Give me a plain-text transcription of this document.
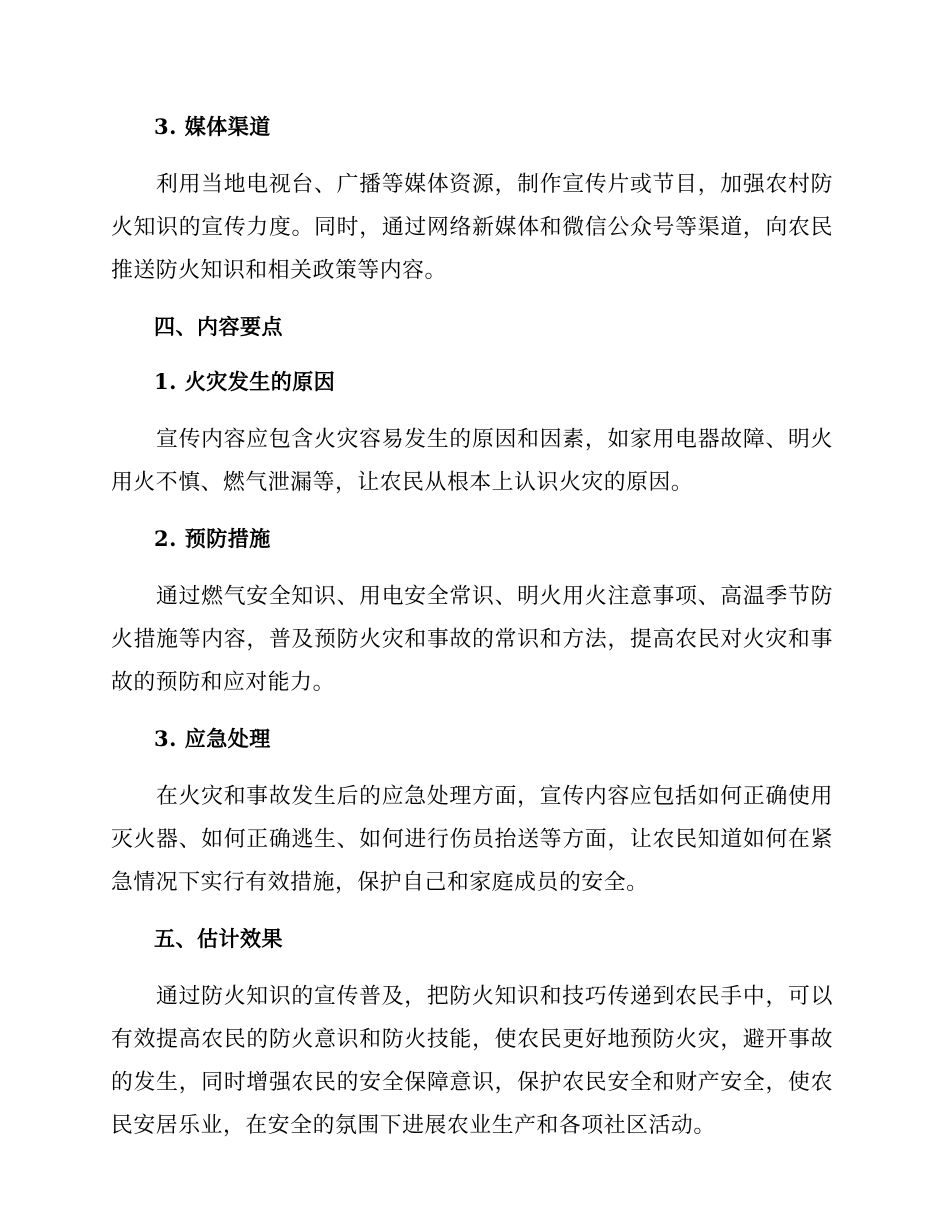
3. 媒体渠道

利用当地电视台、广播等媒体资源，制作宣传片或节目，加强农村防火知识的宣传力度。同时，通过网络新媒体和微信公众号等渠道，向农民推送防火知识和相关政策等内容。

四、内容要点
1. 火灾发生的原因

宣传内容应包含火灾容易发生的原因和因素，如家用电器故障、明火用火不慎、燃气泄漏等，让农民从根本上认识火灾的原因。

2. 预防措施

通过燃气安全知识、用电安全常识、明火用火注意事项、高温季节防火措施等内容，普及预防火灾和事故的常识和方法，提高农民对火灾和事故的预防和应对能力。

3. 应急处理

在火灾和事故发生后的应急处理方面，宣传内容应包括如何正确使用灭火器、如何正确逃生、如何进行伤员抬送等方面，让农民知道如何在紧急情况下实行有效措施，保护自己和家庭成员的安全。

五、估计效果

通过防火知识的宣传普及，把防火知识和技巧传递到农民手中，可以有效提高农民的防火意识和防火技能，使农民更好地预防火灾，避开事故的发生，同时增强农民的安全保障意识，保护农民安全和财产安全，使农民安居乐业，在安全的氛围下进展农业生产和各项社区活动。
